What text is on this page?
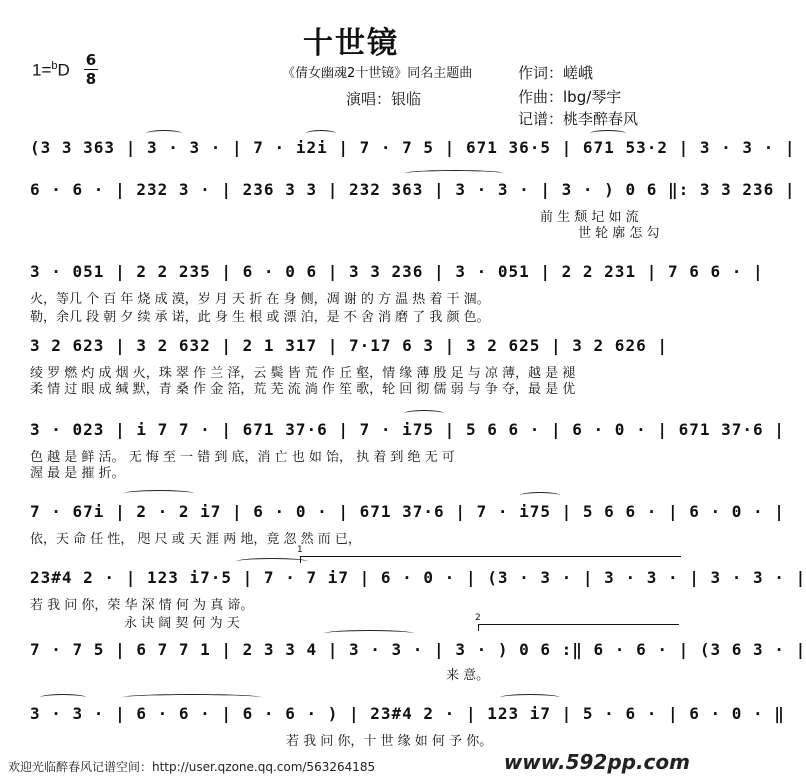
十世镜
1=$^b$D
6
8	《倩女幽魂2十世镜》同名主题曲
演唱：银临
作词：嵯峨
作曲：lbg/琴宇
记谱：桃李醉春风
(3 3 363 | 3 · 3 · | 7 · i2i | 7 · 7 5 | 671 36·5 | 671 53·2 | 3 · 3 · |
6 · 6 · | 232 3 · | 236 3 3 | 232 363 | 3 · 3 · | 3 · ) 0 6 ‖: 3 3 236 |
前 生 颓 圮 如 流
世 轮 廓 怎 勾
3 · 051 | 2 2 235 | 6 · 0 6 | 3 3 236 | 3 · 051 | 2 2 231 | 7 6 6 · |
火，等几 个 百 年 烧 成 漠，岁 月 天 折 在 身 侧，凋 谢 的 方 温 热 着 干 涸。
勒，余几 段 朝 夕 续 承 诺，此 身 生 根 或 漂 泊，是 不 舍 消 磨 了 我 颜 色。
3 2 623 | 3 2 632 | 2 1 317 | 7·17 6 3 | 3 2 625 | 3 2 626 |
绫 罗 燃 灼 成 烟 火，珠 翠 作 兰 泽，云 鬓 皆 荒 作 丘 壑，情 缘 薄 殷 足 与 凉 薄，越 是 褪
柔 情 过 眼 成 缄 默，青 桑 作 金 箔，荒 芜 流 淌 作 笙 歌，轮 回 彻 儒 弱 与 争 夺，最 是 优
3 · 023 | i 7 7 · | 671 37·6 | 7 · i75 | 5 6 6 · | 6 · 0 · | 671 37·6 |
色 越 是 鲜 活。 无 悔 至 一 错 到 底，消 亡 也 如 饴， 执 着 到 绝 无 可
渥 最 是 摧 折。
7 · 67i | 2 · 2 i7 | 6 · 0 · | 671 37·6 | 7 · i75 | 5 6 6 · | 6 · 0 · |
依，天 命 任 性， 咫 尺 或 天 涯 两 地，竟 忽 然 而 已，
1
23#4 2 · | 123 i7·5 | 7 · 7 i7 | 6 · 0 · | (3 · 3 · | 3 · 3 · | 3 · 3 · |
若 我 问 你，荣 华 深 情 何 为 真 谛。
永 诀 阔 契 何 为 天	2
7 · 7 5 | 6 7 7 1 | 2 3 3 4 | 3 · 3 · | 3 · ) 0 6 :‖ 6 · 6 · | (3 6 3 · |
来 意。
3 · 3 · | 6 · 6 · | 6 · 6 · ) | 23#4 2 · | 123 i7 | 5 · 6 · | 6 · 0 · ‖
若 我 问 你，十 世 缘 如 何 予 你。
欢迎光临醉春风记谱空间：http://user.qzone.qq.com/563264185	www.592pp.com
